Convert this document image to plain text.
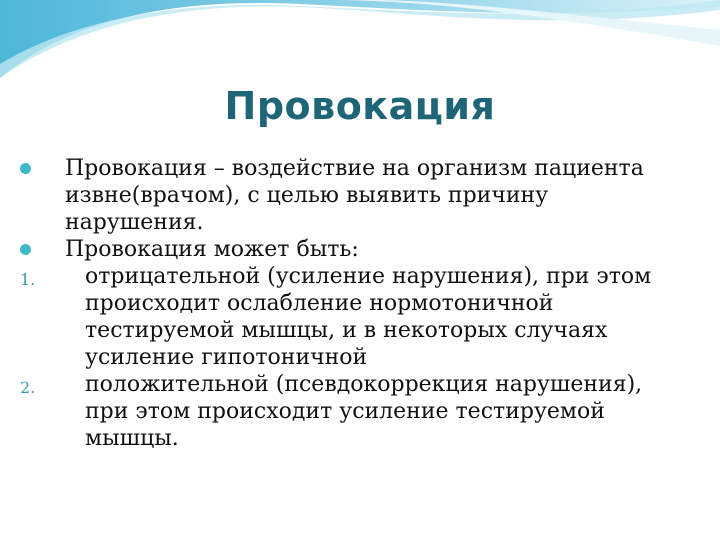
Провокация
Провокация – воздействие на организм пациента
извне(врачом), с целью выявить причину
нарушения.
Провокация может быть:
1. отрицательной (усиление нарушения), при этом
происходит ослабление нормотоничной
тестируемой мышцы, и в некоторых случаях
усиление гипотоничной
2. положительной (псевдокоррекция нарушения),
при этом происходит усиление тестируемой
мышцы.
